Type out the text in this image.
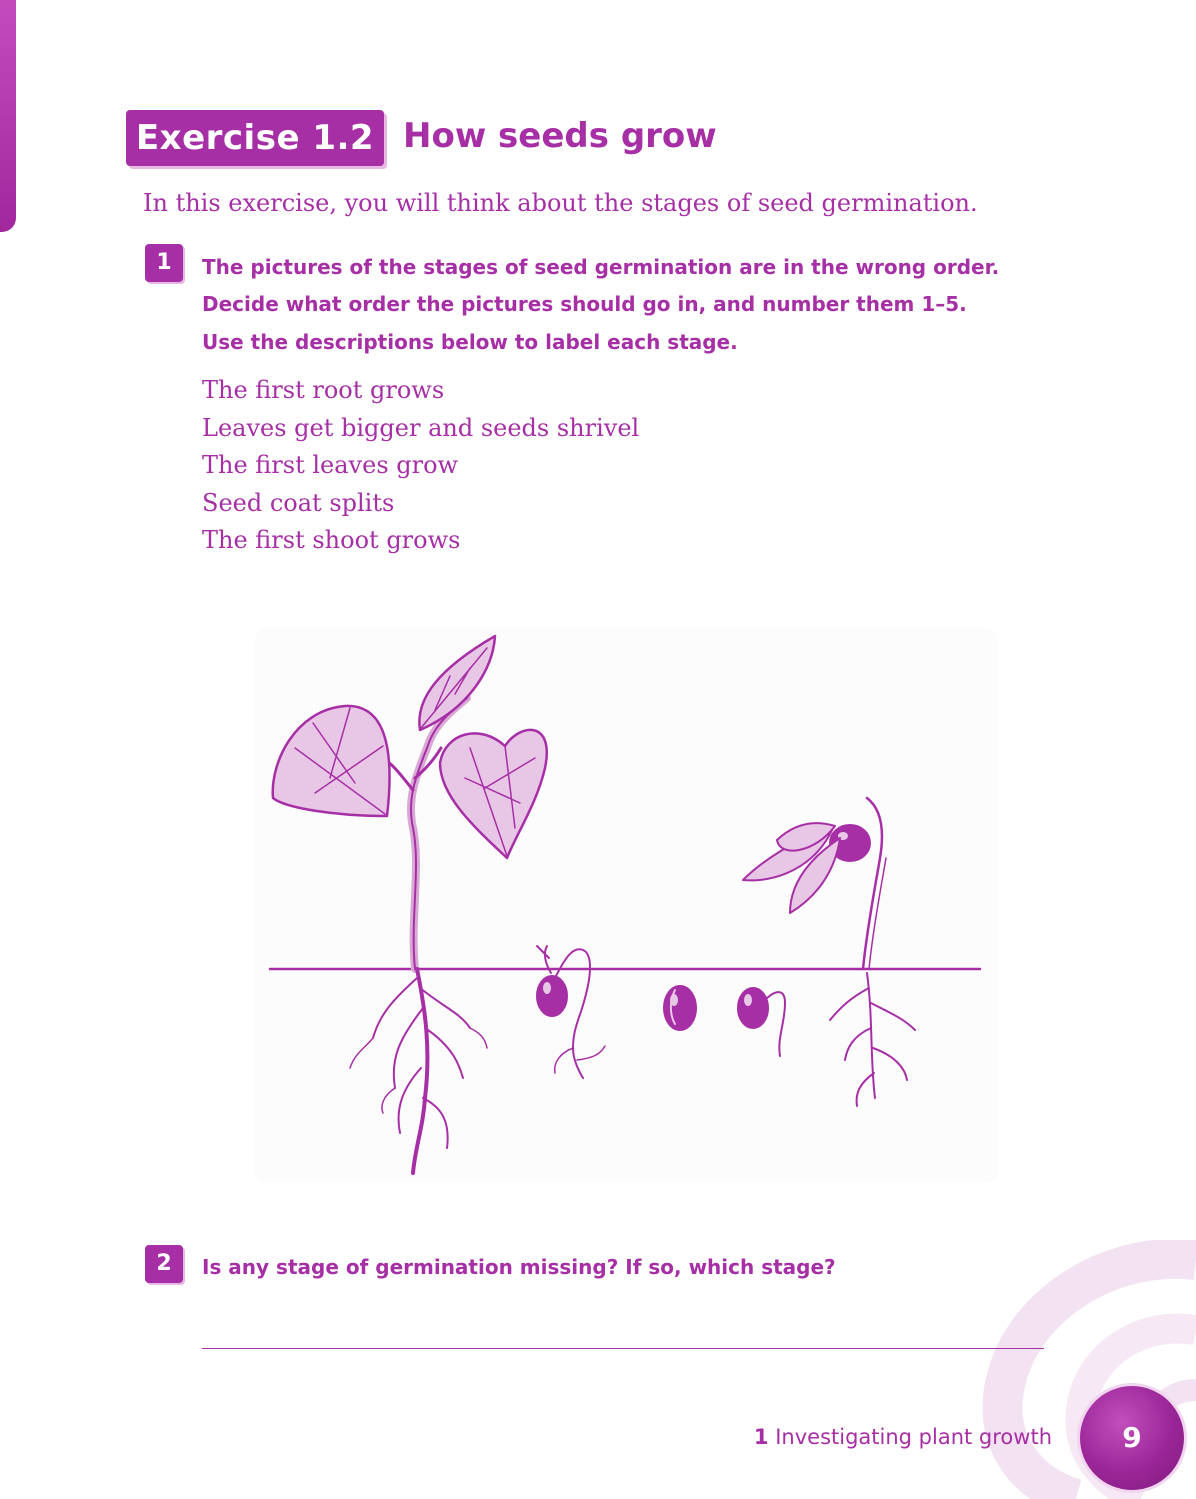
Exercise 1.2 How seeds grow
In this exercise, you will think about the stages of seed germination.
1	The pictures of the stages of seed germination are in the wrong order.
Decide what order the pictures should go in, and number them 1–5.
Use the descriptions below to label each stage.
The first root grows
Leaves get bigger and seeds shrivel
The first leaves grow
Seed coat splits
The first shoot grows
2	Is any stage of germination missing? If so, which stage?
1 Investigating plant growth	9
